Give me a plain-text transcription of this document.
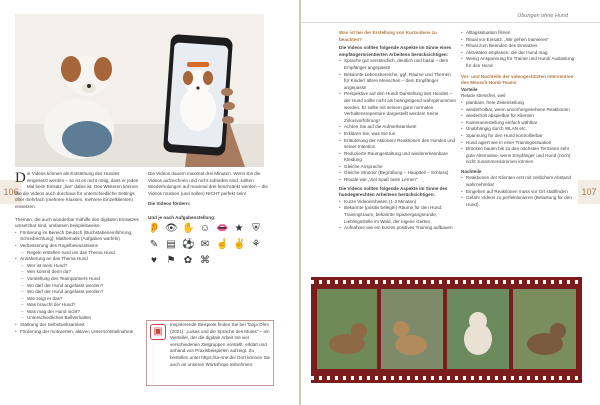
106

Die Videos können als Entstehung des Hundes eingesetzt werden – so ist es nicht nötig, dass er jedes Mal beim Einsatz „live“ dabei ist. Des Weiteren können Sie die Videos auch durchaus für unterschiedliche Settings öfter mehrfach (mehrere Klassen, mehrere Einzelklienten) einsetzen.

Themen, die auch wunderbar mithilfe des digitalen Einsatzes umsetzbar sind, umfassen beispielsweise:

• Förderung im Bereich Deutsch (Buchstabeneinführung, Schreibrichtung), Mathematik (Aufgaben würfeln)
• Verbesserung des Regelbewusstseins
– Regeln erstellen rund um das Thema Hund
• Annäherung an das Thema Hund
– Wer ist mein Hund?
– Wer kommt denn da?
– Vorstellung des Teampartners Hund
– Wo darf der Hund angefasst werden?
– Wo darf der Hund angefasst werden?
– Wie zeigt er das?
– Was braucht der Hund?
– Was mag der Hund nicht?
– Unterschiedliches Bellverhalten
• Stärkung der Selbstwirksamkeit
• Förderung der motivierten, aktiven Unterrichtsteilnahme

Die Videos dauern maximal drei Minuten. Wenn Sie die Videos aufzeichnen und nicht zufrieden sind, sollten Wiederholungen auf maximal drei beschränkt werden – die Videos müssen (und sollen) NICHT perfekt sein!

Die Videos fördern:

Und je nach Aufgabenstellung:
👂 👁 ✋ ☺ 👄 ★ ⛨
✎ ▤ ⚽ ✉ ☝ ✌ ⚘
♥ ⚑ ✿ ⌘
▣
Inspirierende Beispiele finden Sie bei Tanja Ohm (2021): „Lukas und die Sprache des Mutes“ – ein Vierteiler, der die digitale Arbeit mit vier verschiedenen Zielgruppen vorstellt, erklärt und anhand von Praxisbeispielen aufzeigt. Zu bestellen unter https://ta-nne.de/ Dort können Sie auch an unseren Workshops teilnehmen.
Übungen ohne Hund
107

Was ist bei der Erstellung von Kurzvideos zu beachten?

Die Videos sollten folgende Aspekte im Sinne eines empfängerorientierten Arbeitens berücksichtigen:

• Sprache gut verständlich, deutlich und basal – dem Empfänger angepasst!
• Bekannte Lebensbereiche, ggf. Räume und Themen für Kinder/ ältere Menschen – dem Empfänger angepasst!
• Perspektive auf den Hund/ Darstellung des Hundes – der Hund sollte nicht als beängstigend wahrgenommen werden. Er sollte mit seinem ganz normalen Verhaltensrepertoire dargestellt werden! Keine Zirkusvorführung!
• Achten Sie auf die Aufmerksamkeit!
• Erklären Sie, was Sie tun
• Erläuterung der Aktionen/ Reaktionen des Hundes und seiner Intention
• Reduzierte Raumgestaltung und wiedererkennbare Kleidung
• Gleiche Ansprache
• Gleiche Struktur (Begrüßung – Hauptteil – Schluss)
• Rituale wie „Viel Spaß beim Lernen“

Die Videos sollten folgende Aspekte im Sinne des hundegerechten Arbeitens berücksichtigen:

• Kurze Videoeinheiten (1-3 Minuten)
• Bekannte (positiv belegte) Räume für den Hund: Trainingsraum, bekannte Spaziergangsrunde, Lieblingsstelle im Wald, der eigene Garten
• Aufnahme wie ein kurzes positives Training aufbauen
• Alltagssituation filmen
• Ritual vor Einsatz: „Wir gehen trainieren“
• Ritual zum Beenden des Einsatzes
• Aktivitäten einplanen, die der Hund mag
• Wenig Anspannung für Trainer und Hund/ Auslastung für den Hund

Vor- und Nachteile der videogestützten Intervention des Mensch-Hund-Teams

Vorteile

Relativ stressfrei, weil

• planbare, freie Zeiteinteilung
• wiederholbar, wenn unvorhergesehene Reaktionen
• wiederholt abspielbar für Klienten
• Kameraeinstellung einfach wählbar
• Unabhängig durch WLAN etc.
• Spannung für den Hund kontrollierbar
• Hund agiert wie in einer Trainingssituation
• Brücken bauen bis zu den nächsten Terminen sehr gute Alternative, wenn Empfänger und Hund (noch) nicht zusammenkommen können

Nachteile

• Reaktionen der Klienten erst mit zeitlichem Abstand wahrnehmbar
• Eingehen auf Reaktionen muss vor Ort stattfinden
• Gefahr Videos zu perfektionieren (Belastung für den Hund)
